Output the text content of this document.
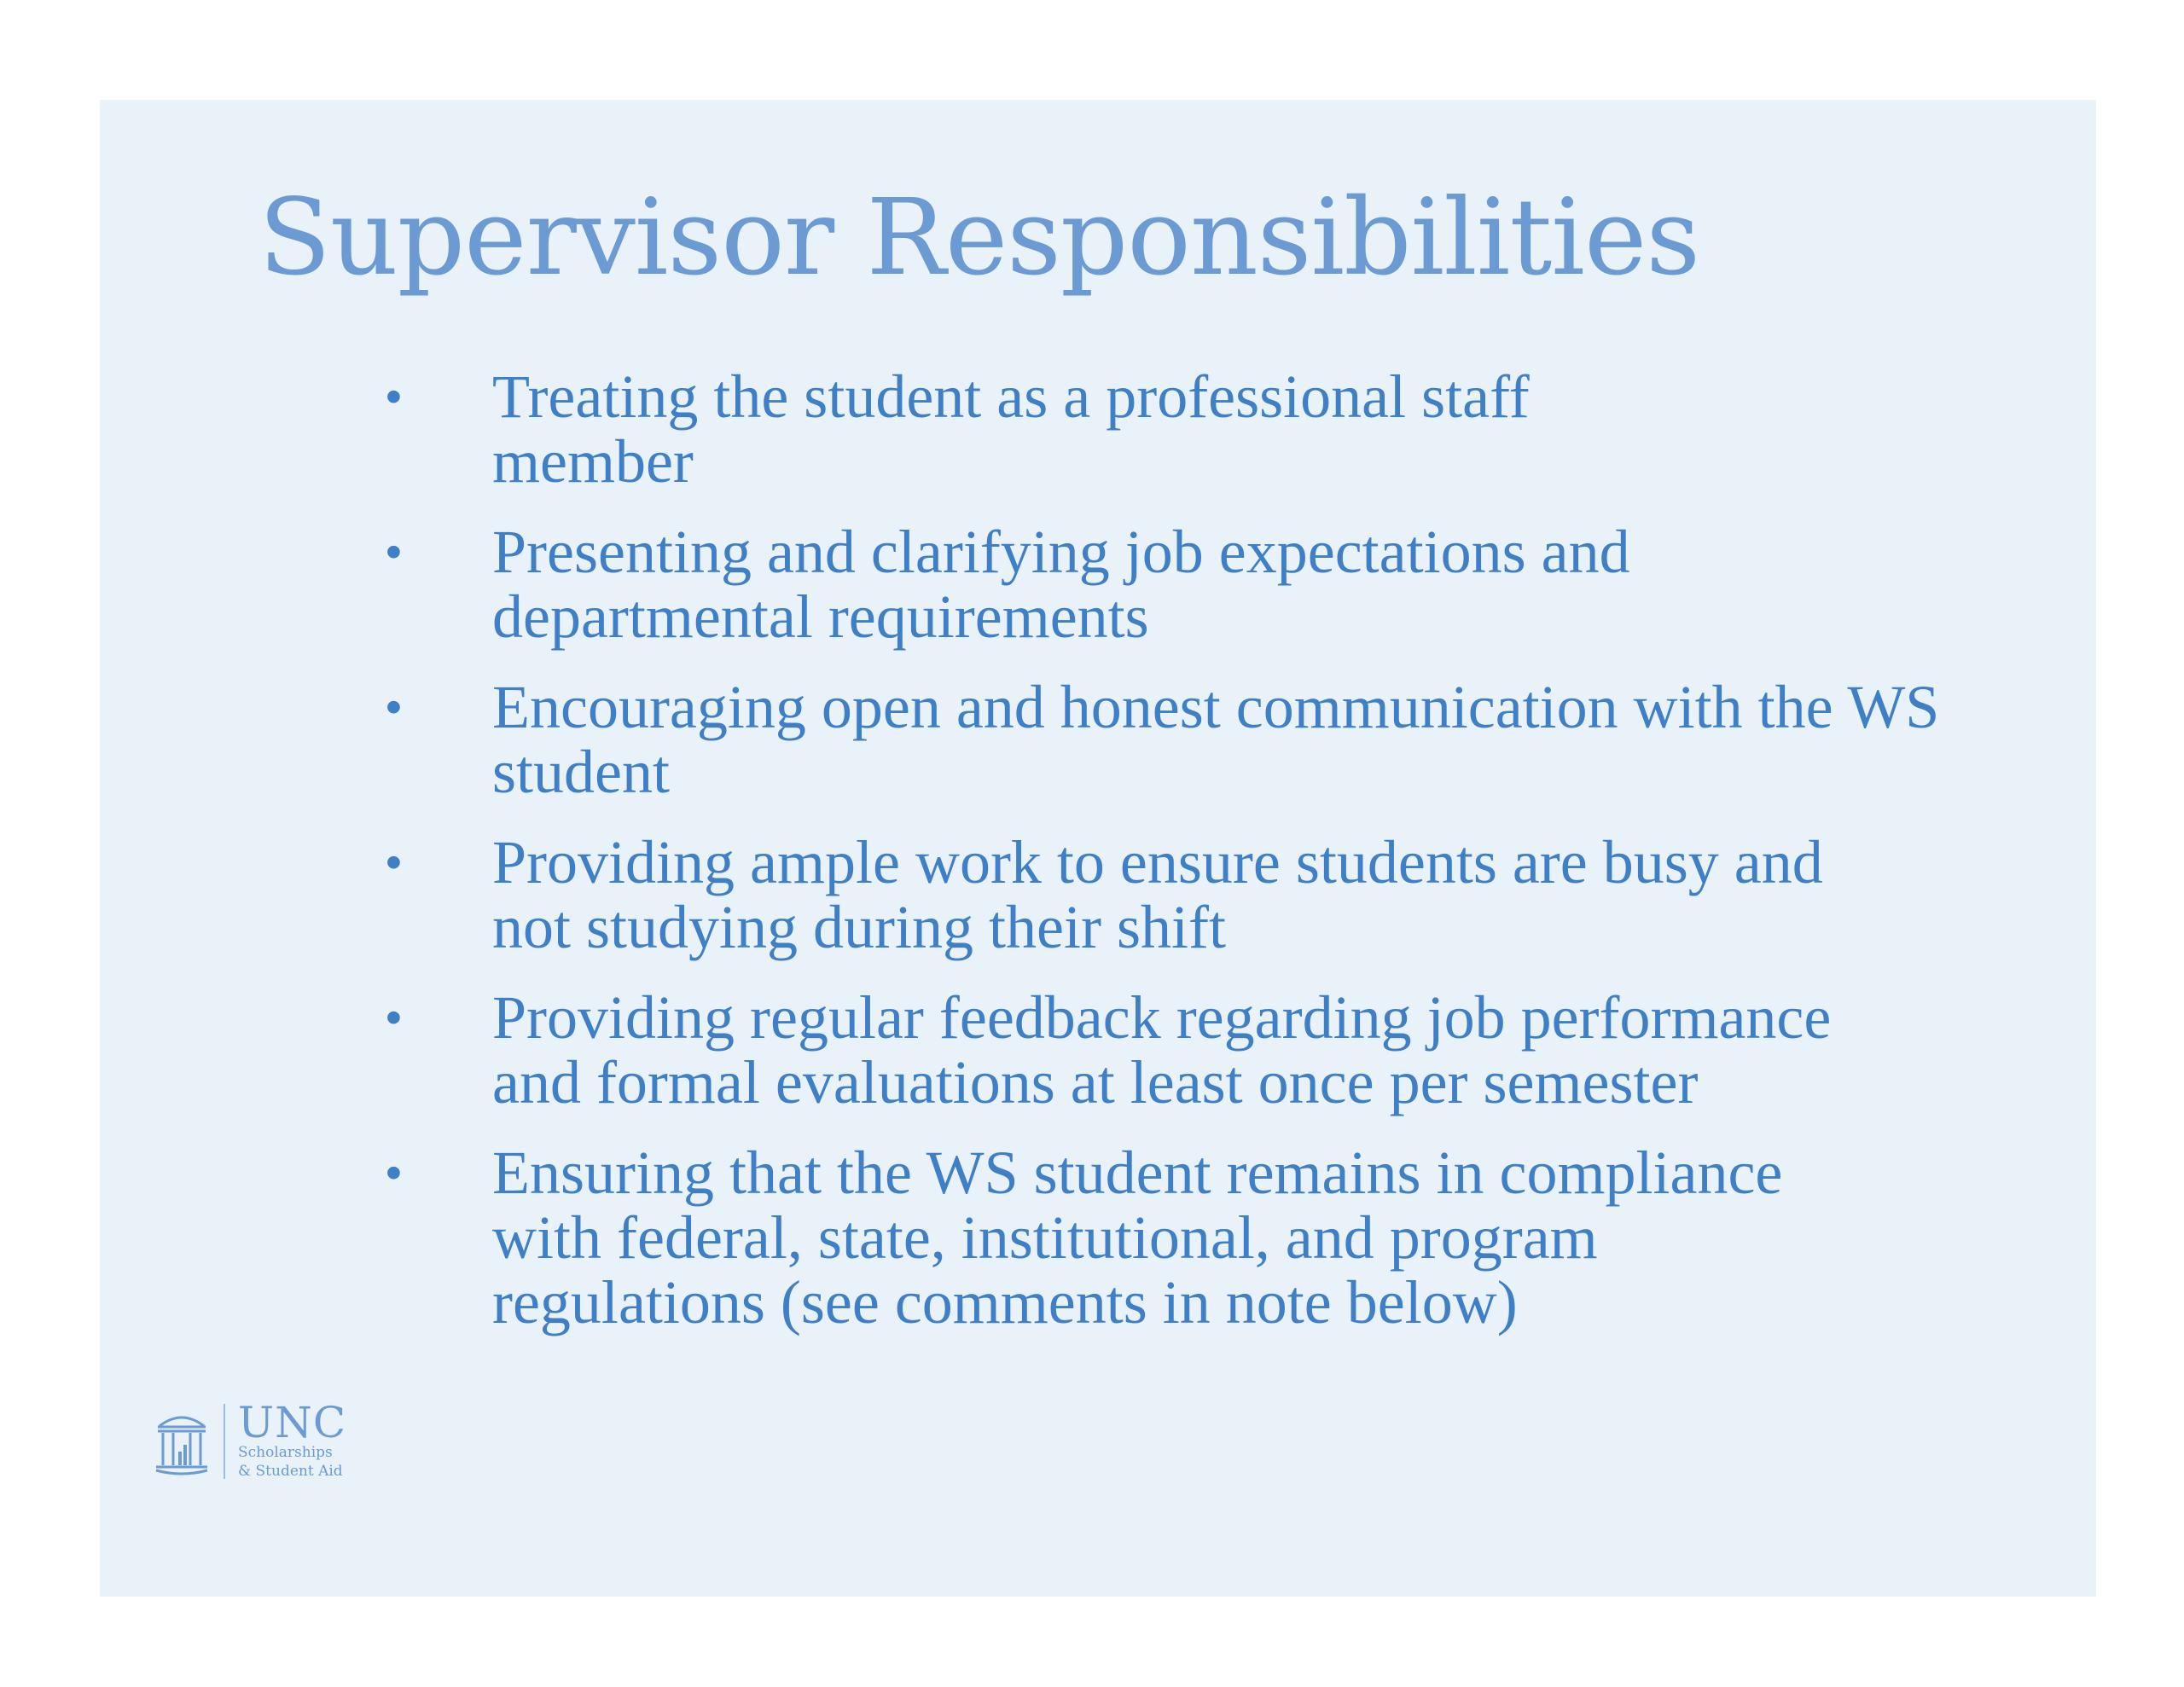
Supervisor Responsibilities
• Treating the student as a professional staff
member
• Presenting and clarifying job expectations and
departmental requirements
• Encouraging open and honest communication with the WS
student
• Providing ample work to ensure students are busy and
not studying during their shift
• Providing regular feedback regarding job performance
and formal evaluations at least once per semester
• Ensuring that the WS student remains in compliance
with federal, state, institutional, and program
regulations (see comments in note below)
UNC
Scholarships
& Student Aid
